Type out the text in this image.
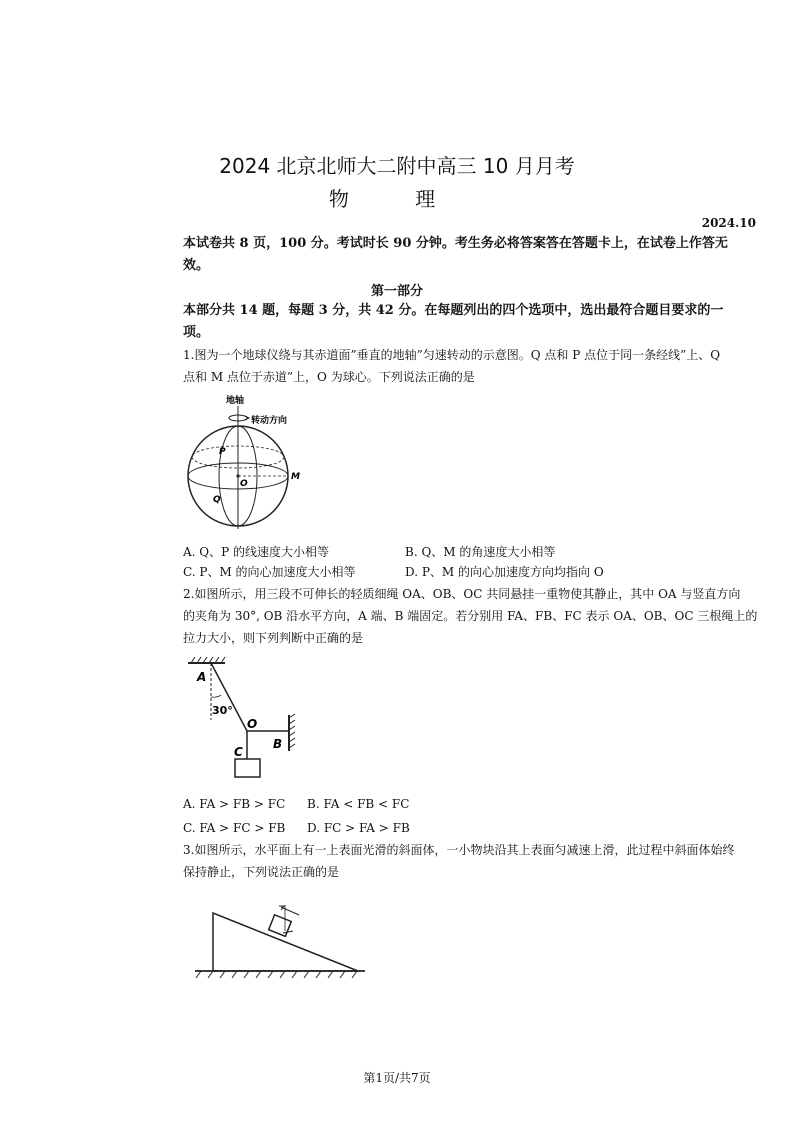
2024 北京北师大二附中高三 10 月月考
物 理
2024.10
本试卷共 8 页，100 分。考试时长 90 分钟。考生务必将答案答在答题卡上，在试卷上作答无
效。
第一部分
本部分共 14 题，每题 3 分，共 42 分。在每题列出的四个选项中，选出最符合题目要求的一
项。
1.图为一个地球仪绕与其赤道面”垂直的地轴”匀速转动的示意图。Q 点和 P 点位于同一条经线”上、Q
点和 M 点位于赤道”上，O 为球心。下列说法正确的是
地轴
转动方向
P
O
M
Q
A. Q、P 的线速度大小相等	B. Q、M 的角速度大小相等
C. P、M 的向心加速度大小相等	D. P、M 的向心加速度方向均指向 O
2.如图所示，用三段不可伸长的轻质细绳 OA、OB、OC 共同悬挂一重物使其静止，其中 OA 与竖直方向
的夹角为 30°, OB 沿水平方向，A 端、B 端固定。若分别用 FA、FB、FC 表示 OA、OB、OC 三根绳上的
拉力大小，则下列判断中正确的是
A
30°
O
B
C
A. FA > FB > FC B. FA < FB < FC
C. FA > FC > FB D. FC > FA > FB
3.如图所示，水平面上有一上表面光滑的斜面体，一小物块沿其上表面匀减速上滑，此过程中斜面体始终
保持静止，下列说法正确的是
第1页/共7页
